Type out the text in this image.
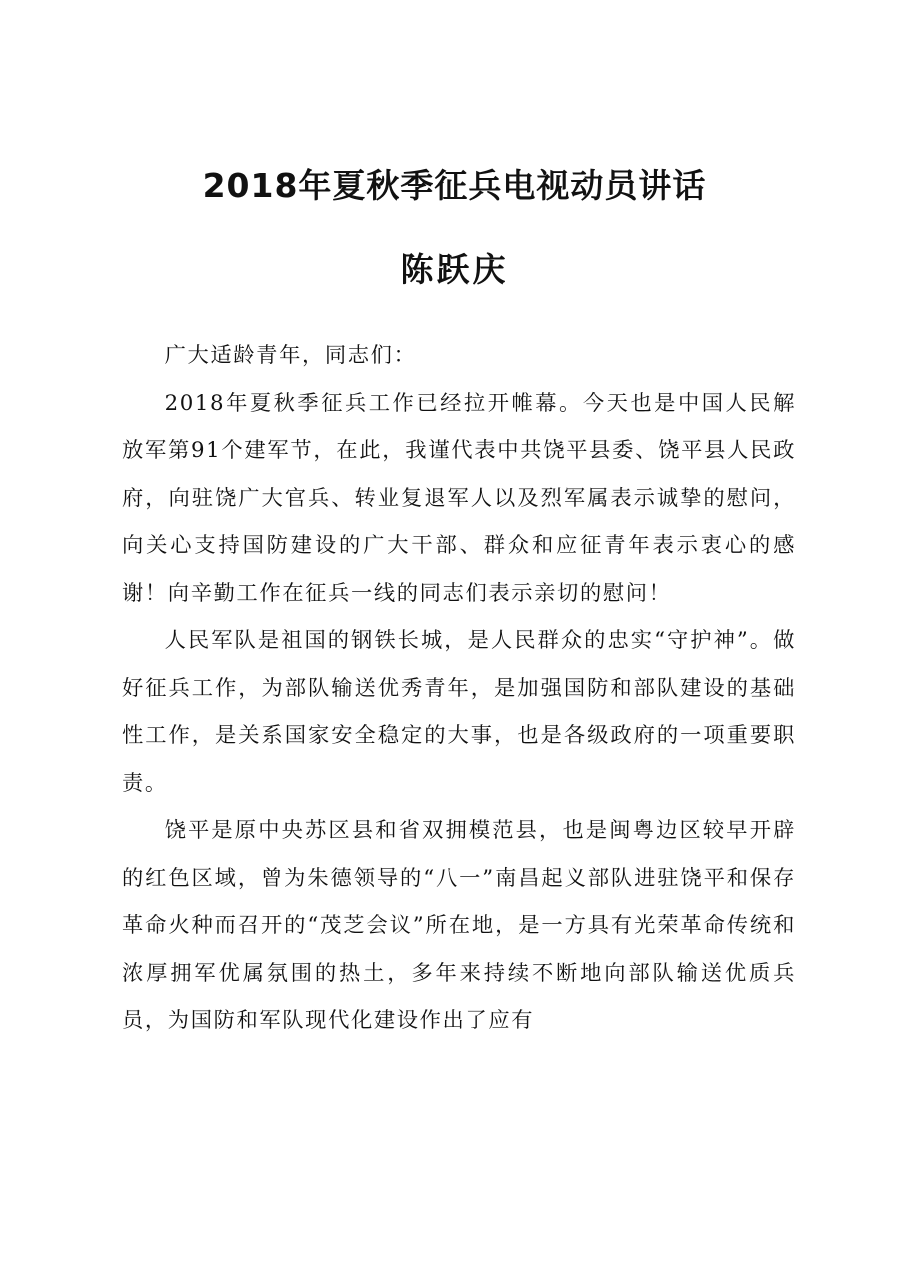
2018年夏秋季征兵电视动员讲话
陈跃庆

广大适龄青年，同志们：

2018年夏秋季征兵工作已经拉开帷幕。今天也是中国人民解放军第91个建军节，在此，我谨代表中共饶平县委、饶平县人民政府，向驻饶广大官兵、转业复退军人以及烈军属表示诚挚的慰问，向关心支持国防建设的广大干部、群众和应征青年表示衷心的感谢！向辛勤工作在征兵一线的同志们表示亲切的慰问！

人民军队是祖国的钢铁长城，是人民群众的忠实“守护神”。做好征兵工作，为部队输送优秀青年，是加强国防和部队建设的基础性工作，是关系国家安全稳定的大事，也是各级政府的一项重要职责。

饶平是原中央苏区县和省双拥模范县，也是闽粤边区较早开辟的红色区域，曾为朱德领导的“八一”南昌起义部队进驻饶平和保存革命火种而召开的“茂芝会议”所在地，是一方具有光荣革命传统和浓厚拥军优属氛围的热土，多年来持续不断地向部队输送优质兵员，为国防和军队现代化建设作出了应有
